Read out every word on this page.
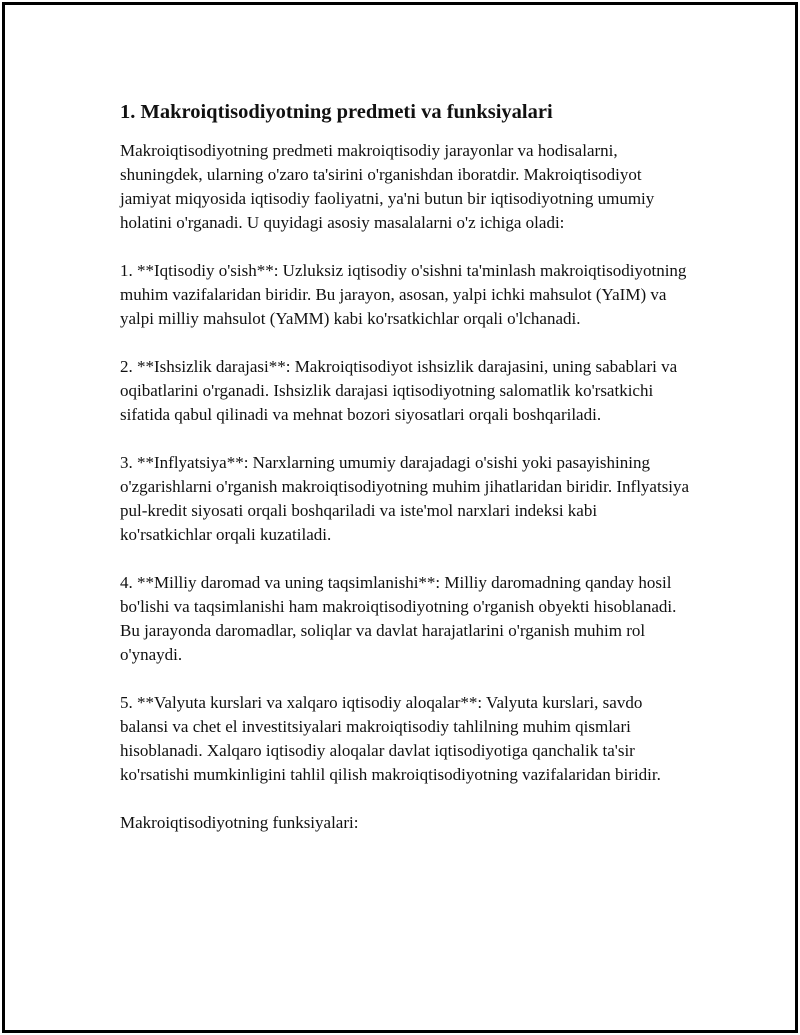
1. Makroiqtisodiyotning predmeti va funksiyalari

Makroiqtisodiyotning predmeti makroiqtisodiy jarayonlar va hodisalarni, shuningdek, ularning o'zaro ta'sirini o'rganishdan iboratdir. Makroiqtisodiyot jamiyat miqyosida iqtisodiy faoliyatni, ya'ni butun bir iqtisodiyotning umumiy holatini o'rganadi. U quyidagi asosiy masalalarni o'z ichiga oladi:

1. **Iqtisodiy o'sish**: Uzluksiz iqtisodiy o'sishni ta'minlash makroiqtisodiyotning muhim vazifalaridan biridir. Bu jarayon, asosan, yalpi ichki mahsulot (YaIM) va yalpi milliy mahsulot (YaMM) kabi ko'rsatkichlar orqali o'lchanadi.

2. **Ishsizlik darajasi**: Makroiqtisodiyot ishsizlik darajasini, uning sabablari va oqibatlarini o'rganadi. Ishsizlik darajasi iqtisodiyotning salomatlik ko'rsatkichi sifatida qabul qilinadi va mehnat bozori siyosatlari orqali boshqariladi.

3. **Inflyatsiya**: Narxlarning umumiy darajadagi o'sishi yoki pasayishining o'zgarishlarni o'rganish makroiqtisodiyotning muhim jihatlaridan biridir. Inflyatsiya pul-kredit siyosati orqali boshqariladi va iste'mol narxlari indeksi kabi ko'rsatkichlar orqali kuzatiladi.

4. **Milliy daromad va uning taqsimlanishi**: Milliy daromadning qanday hosil bo'lishi va taqsimlanishi ham makroiqtisodiyotning o'rganish obyekti hisoblanadi. Bu jarayonda daromadlar, soliqlar va davlat harajatlarini o'rganish muhim rol o'ynaydi.

5. **Valyuta kurslari va xalqaro iqtisodiy aloqalar**: Valyuta kurslari, savdo balansi va chet el investitsiyalari makroiqtisodiy tahlilning muhim qismlari hisoblanadi. Xalqaro iqtisodiy aloqalar davlat iqtisodiyotiga qanchalik ta'sir ko'rsatishi mumkinligini tahlil qilish makroiqtisodiyotning vazifalaridan biridir.

Makroiqtisodiyotning funksiyalari:
